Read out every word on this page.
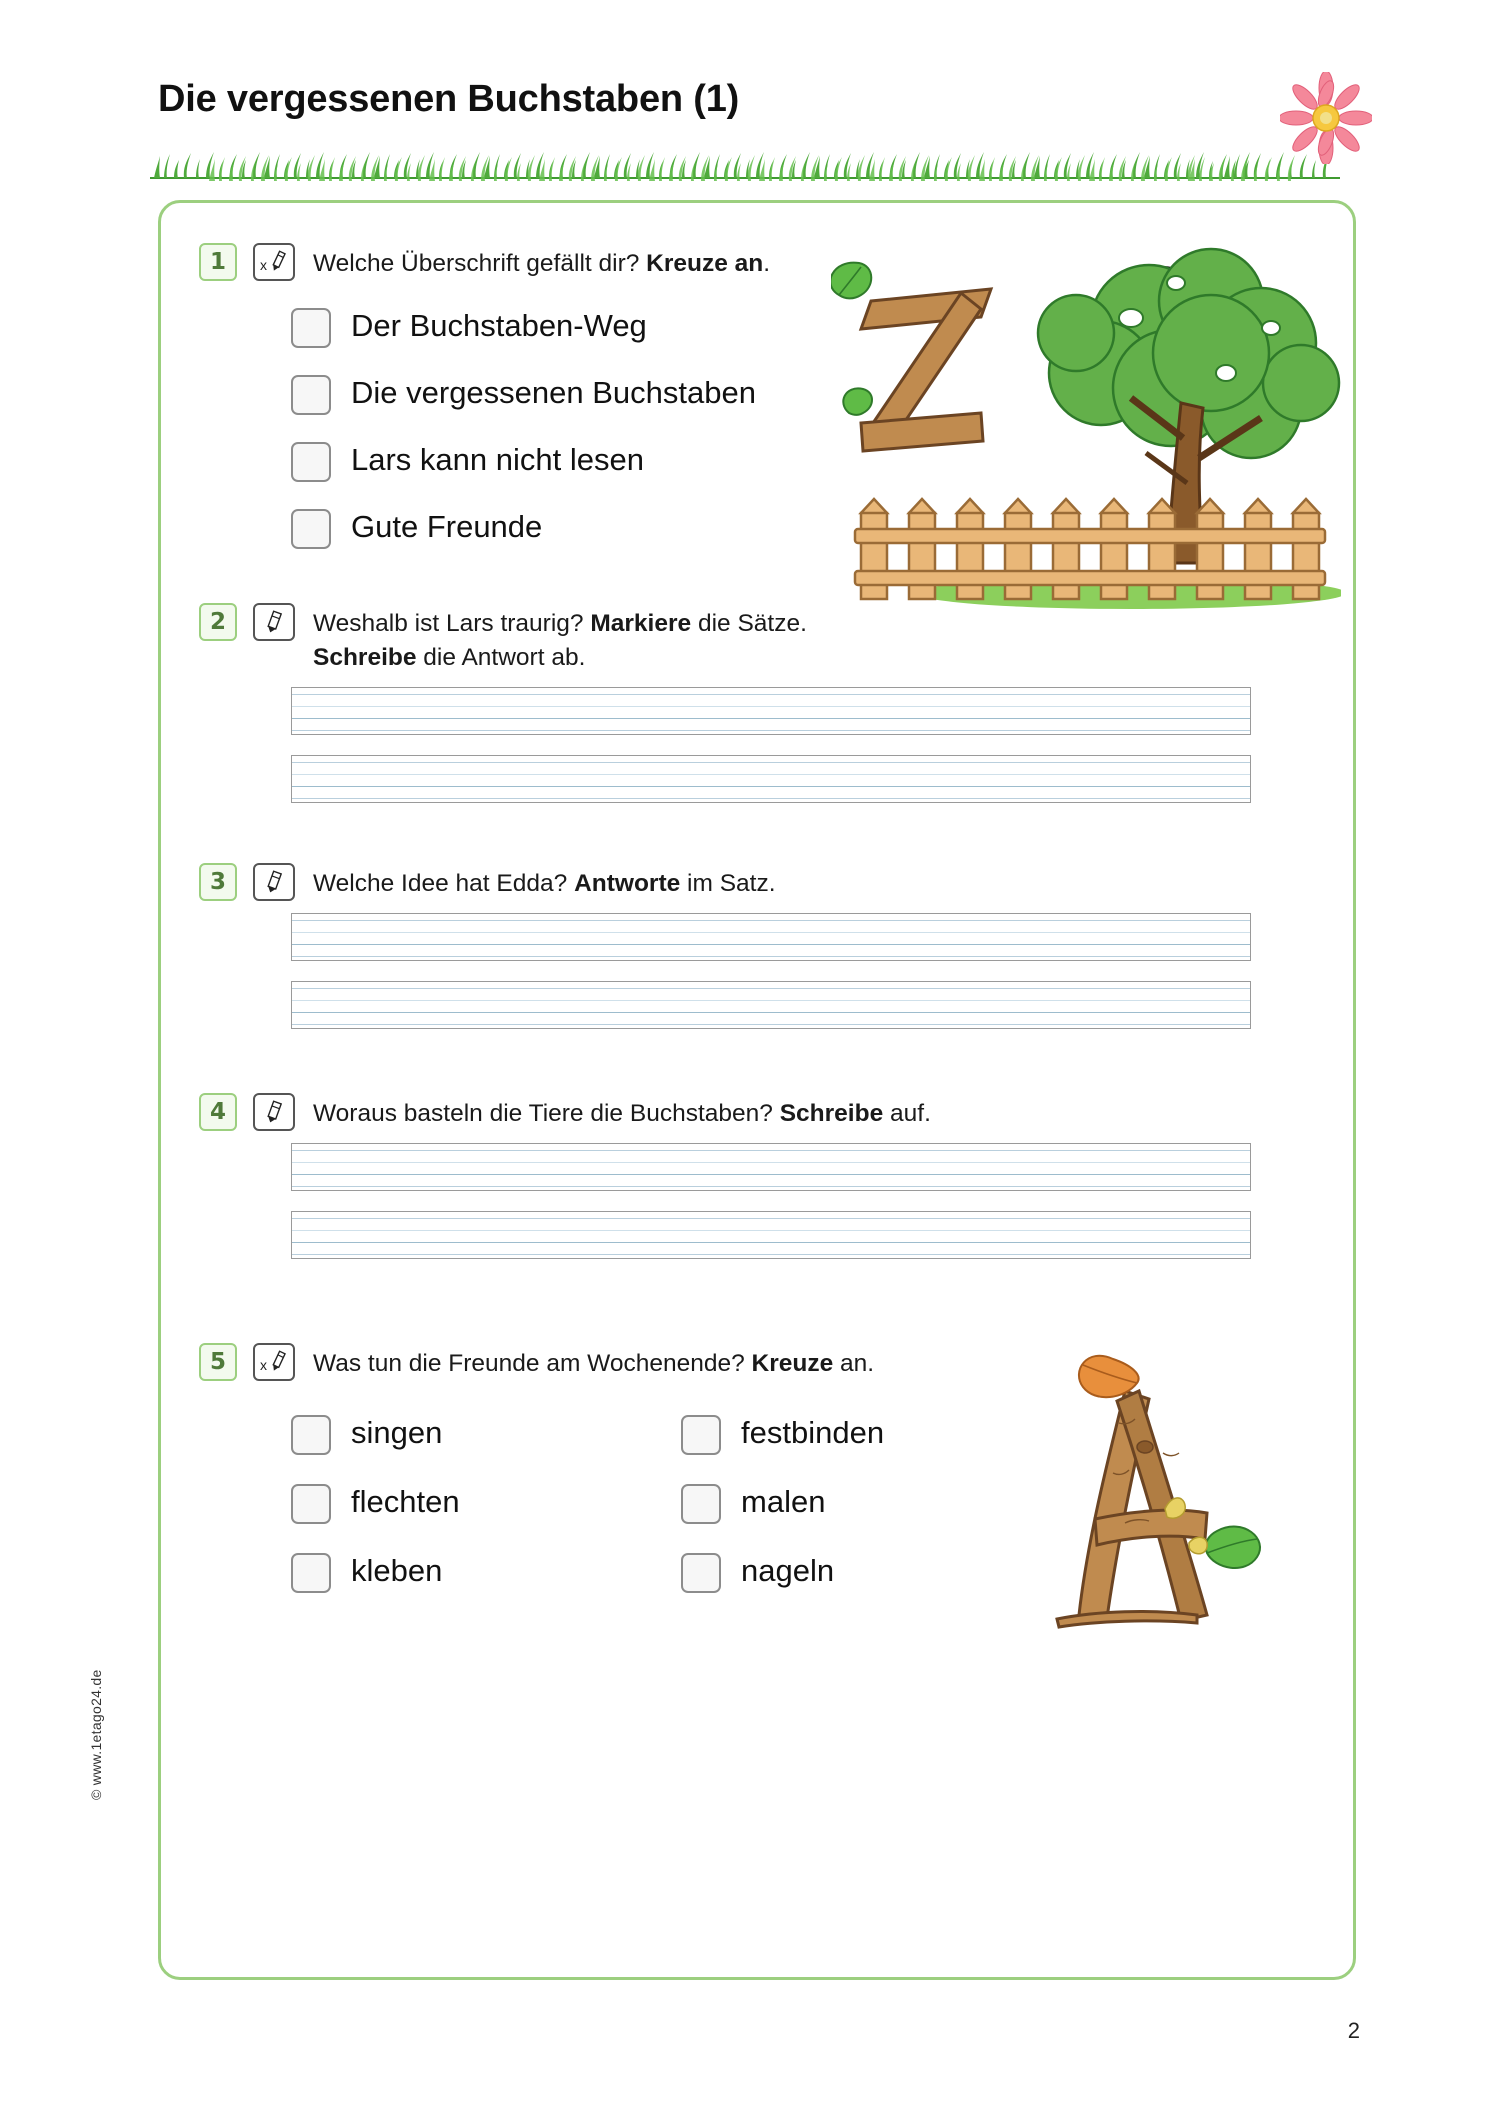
Die vergessenen Buchstaben (1)
1	x Welche Überschrift gefällt dir? Kreuze an.
Der Buchstaben-Weg
Die vergessenen Buchstaben
Lars kann nicht lesen
Gute Freunde
2	Weshalb ist Lars traurig? Markiere die Sätze.
Schreibe die Antwort ab.
3	Welche Idee hat Edda? Antworte im Satz.
4	Woraus basteln die Tiere die Buchstaben? Schreibe auf.
5	x Was tun die Freunde am Wochenende? Kreuze an.
singen
flechten
kleben
festbinden
malen
nageln
© www.1etago24.de
2
